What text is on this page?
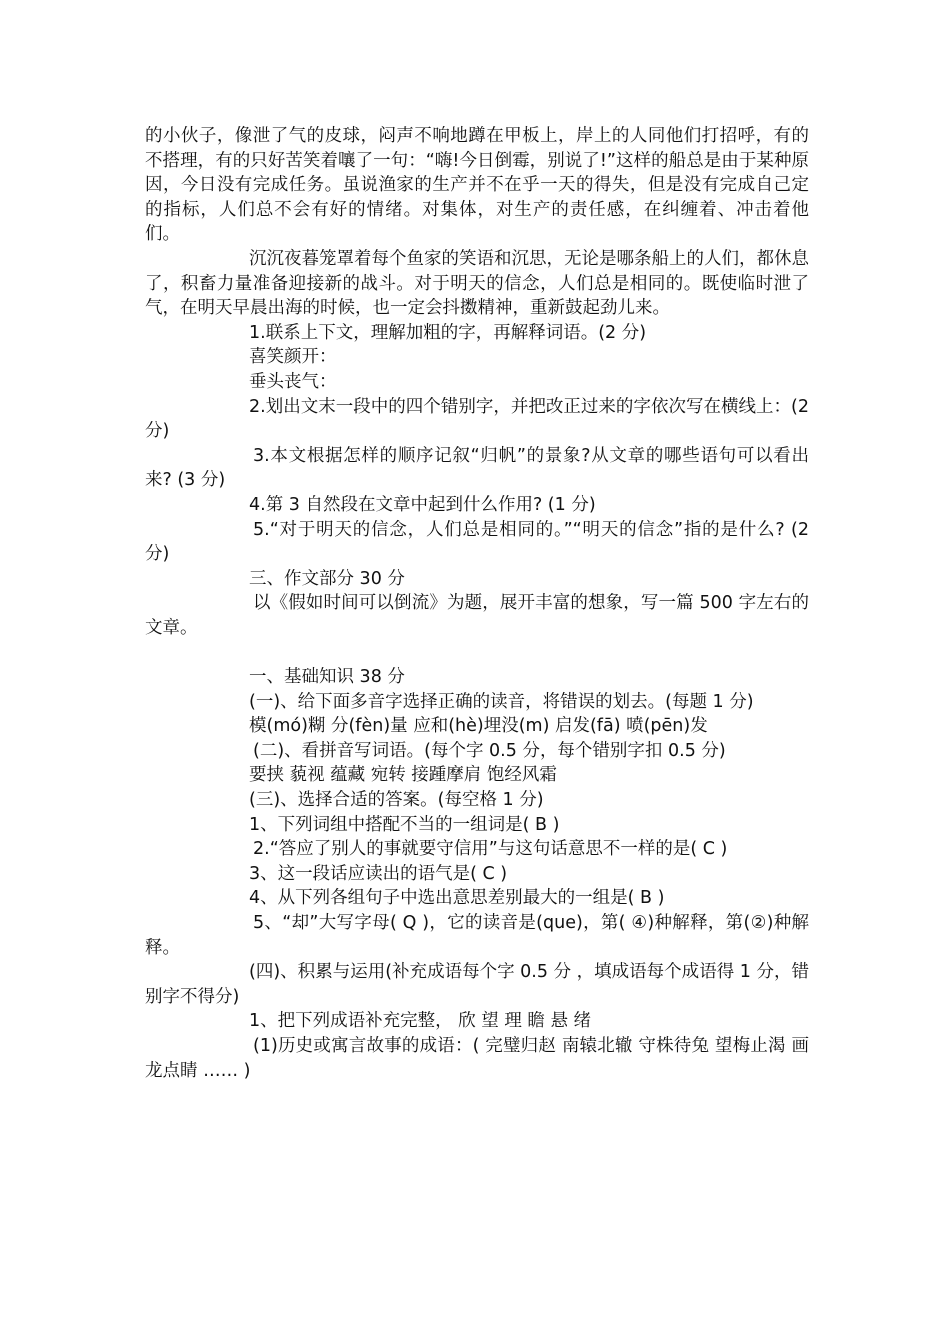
的小伙子，像泄了气的皮球，闷声不响地蹲在甲板上，岸上的人同他们打招呼，有的不搭理，有的只好苦笑着嚷了一句：“嗨!今日倒霉，别说了!”这样的船总是由于某种原因，今日没有完成任务。虽说渔家的生产并不在乎一天的得失，但是没有完成自己定的指标，人们总不会有好的情绪。对集体，对生产的责任感，在纠缠着、冲击着他们。

沉沉夜暮笼罩着每个鱼家的笑语和沉思，无论是哪条船上的人们，都休息了，积畜力量准备迎接新的战斗。对于明天的信念，人们总是相同的。既使临时泄了气，在明天早晨出海的时候，也一定会抖擞精神，重新鼓起劲儿来。

1.联系上下文，理解加粗的字，再解释词语。(2 分)

喜笑颜开：

垂头丧气：

2.划出文末一段中的四个错别字，并把改正过来的字依次写在横线上：(2 分)

3.本文根据怎样的顺序记叙“归帆”的景象?从文章的哪些语句可以看出来? (3 分)

4.第 3 自然段在文章中起到什么作用? (1 分)

5.“对于明天的信念，人们总是相同的。”“明天的信念”指的是什么? (2 分)

三、作文部分 30 分

以《假如时间可以倒流》为题，展开丰富的想象，写一篇 500 字左右的文章。

一、基础知识 38 分

(一)、给下面多音字选择正确的读音，将错误的划去。(每题 1 分)

模(mó)糊 分(fèn)量 应和(hè)埋没(m) 启发(fā) 喷(pēn)发

(二)、看拼音写词语。(每个字 0.5 分，每个错别字扣 0.5 分)

要挟 藐视 蕴藏 宛转 接踵摩肩 饱经风霜

(三)、选择合适的答案。(每空格 1 分)

1、下列词组中搭配不当的一组词是( B )

2.“答应了别人的事就要守信用”与这句话意思不一样的是( C )

3、这一段话应读出的语气是( C )

4、从下列各组句子中选出意思差别最大的一组是( B )

5、“却”大写字母( Q )，它的读音是(que)，第( ④)种解释，第(②)种解释。

(四)、积累与运用(补充成语每个字 0.5 分 ，填成语每个成语得 1 分，错别字不得分)

1、把下列成语补充完整， 欣 望 理 瞻 悬 绪

(1)历史或寓言故事的成语：( 完璧归赵 南辕北辙 守株待兔 望梅止渴 画龙点睛 …… )
